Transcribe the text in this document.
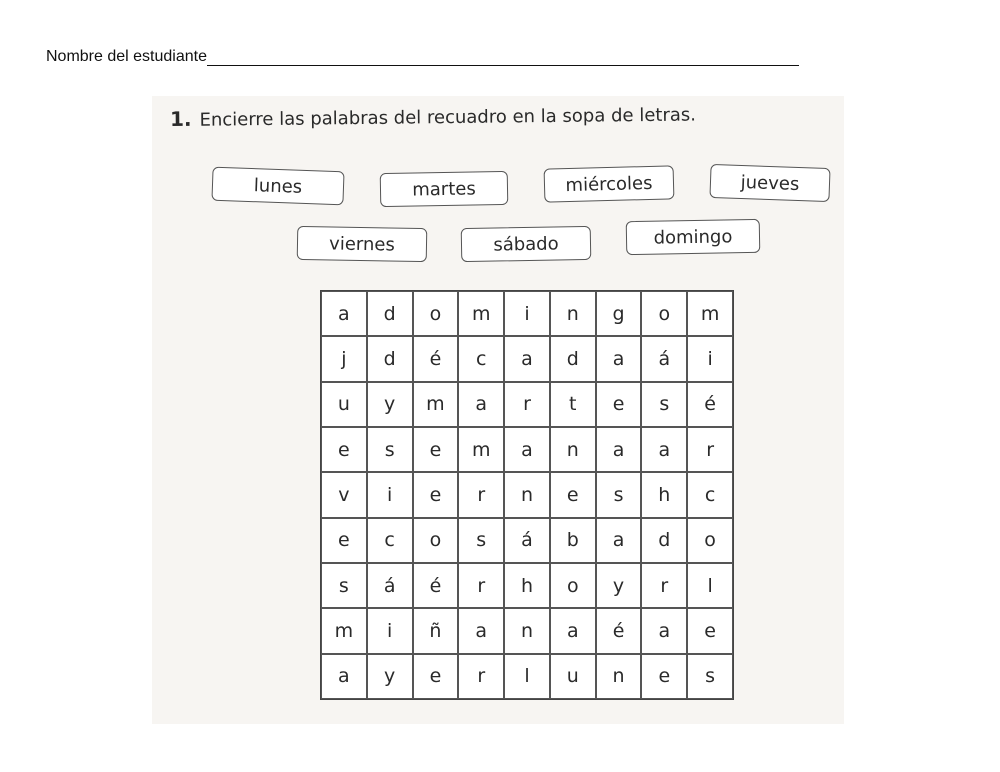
Nombre del estudiante
1. Encierre las palabras del recuadro en la sopa de letras.
lunes	martes	miércoles	jueves
viernes	sábado	domingo
a	d	o	m	i	n	g	o	m
j	d	é	c	a	d	a	á	i
u	y	m	a	r	t	e	s	é
e	s	e	m	a	n	a	a	r
v	i	e	r	n	e	s	h	c
e	c	o	s	á	b	a	d	o
s	á	é	r	h	o	y	r	l
m	i	ñ	a	n	a	é	a	e
a	y	e	r	l	u	n	e	s
